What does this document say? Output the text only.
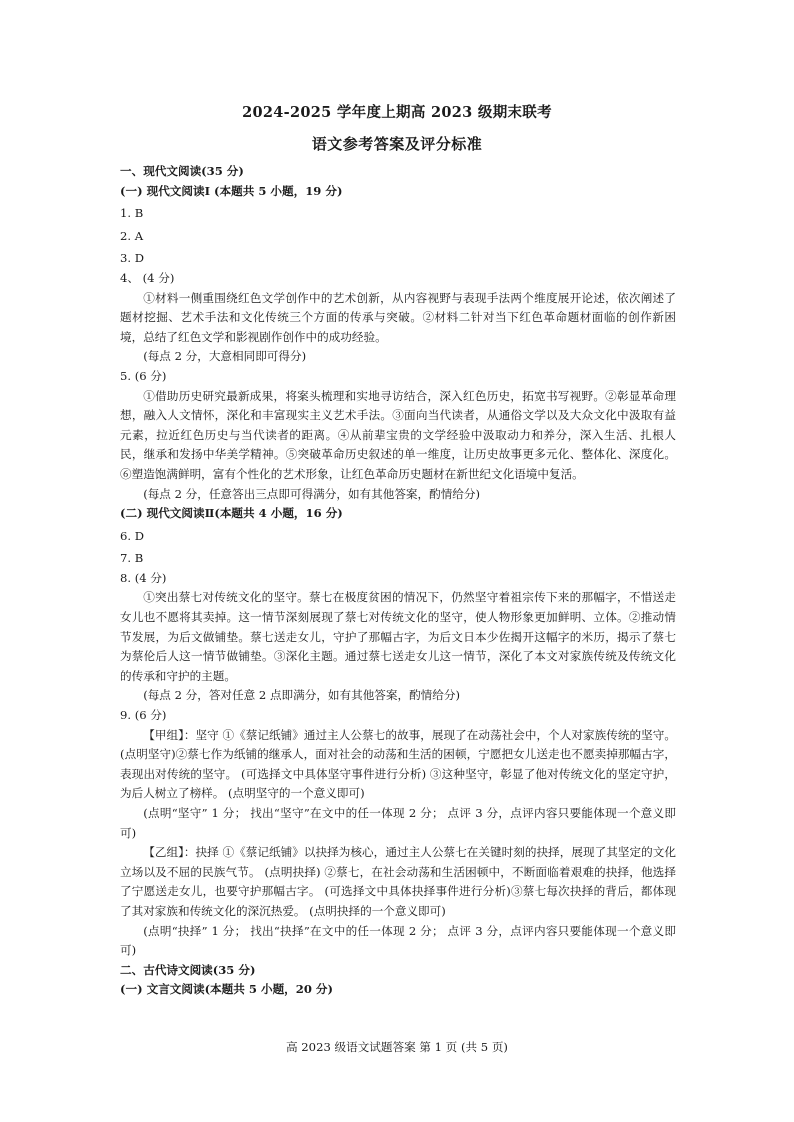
2024-2025 学年度上期高 2023 级期末联考
语文参考答案及评分标准

一、现代文阅读(35 分)

(一) 现代文阅读Ⅰ (本题共 5 小题，19 分)

1. B

2. A

3. D

4、 (4 分)

①材料一侧重围绕红色文学创作中的艺术创新，从内容视野与表现手法两个维度展开论述，依次阐述了题材挖掘、艺术手法和文化传统三个方面的传承与突破。②材料二针对当下红色革命题材面临的创作新困境，总结了红色文学和影视剧作创作中的成功经验。

(每点 2 分，大意相同即可得分)

5. (6 分)

①借助历史研究最新成果，将案头梳理和实地寻访结合，深入红色历史，拓宽书写视野。②彰显革命理想，融入人文情怀，深化和丰富现实主义艺术手法。③面向当代读者，从通俗文学以及大众文化中汲取有益元素，拉近红色历史与当代读者的距离。④从前辈宝贵的文学经验中汲取动力和养分，深入生活、扎根人民，继承和发扬中华美学精神。⑤突破革命历史叙述的单一维度，让历史故事更多元化、整体化、深度化。⑥塑造饱满鲜明，富有个性化的艺术形象，让红色革命历史题材在新世纪文化语境中复活。

(每点 2 分，任意答出三点即可得满分，如有其他答案，酌情给分)

(二) 现代文阅读Ⅱ(本题共 4 小题，16 分)

6. D

7. B

8. (4 分)

①突出蔡七对传统文化的坚守。蔡七在极度贫困的情况下，仍然坚守着祖宗传下来的那幅字，不惜送走女儿也不愿将其卖掉。这一情节深刻展现了蔡七对传统文化的坚守，使人物形象更加鲜明、立体。②推动情节发展，为后文做铺垫。蔡七送走女儿，守护了那幅古字，为后文日本少佐揭开这幅字的米历，揭示了蔡七为蔡伦后人这一情节做铺垫。③深化主题。通过蔡七送走女儿这一情节，深化了本文对家族传统及传统文化的传承和守护的主题。

(每点 2 分，答对任意 2 点即满分，如有其他答案，酌情给分)

9. (6 分)

【甲组】：坚守 ①《蔡记纸铺》通过主人公蔡七的故事，展现了在动荡社会中，个人对家族传统的坚守。 (点明坚守)②蔡七作为纸铺的继承人，面对社会的动荡和生活的困顿，宁愿把女儿送走也不愿卖掉那幅古字，表现出对传统的坚守。 (可选择文中具体坚守事件进行分析) ③这种坚守，彰显了他对传统文化的坚定守护，为后人树立了榜样。 (点明坚守的一个意义即可)

(点明“坚守” 1 分； 找出“坚守”在文中的任一体现 2 分； 点评 3 分，点评内容只要能体现一个意义即可)

【乙组】：抉择 ①《蔡记纸铺》以抉择为核心，通过主人公蔡七在关键时刻的抉择，展现了其坚定的文化立场以及不屈的民族气节。 (点明抉择) ②蔡七，在社会动荡和生活困顿中，不断面临着艰难的抉择，他选择了宁愿送走女儿，也要守护那幅古字。 (可选择文中具体抉择事件进行分析)③蔡七每次抉择的背后，都体现了其对家族和传统文化的深沉热爱。 (点明抉择的一个意义即可)

(点明“抉择” 1 分； 找出“抉择”在文中的任一体现 2 分； 点评 3 分，点评内容只要能体现一个意义即可)

二、古代诗文阅读(35 分)

(一) 文言文阅读(本题共 5 小题，20 分)

高 2023 级语文试题答案 第 1 页 (共 5 页)
